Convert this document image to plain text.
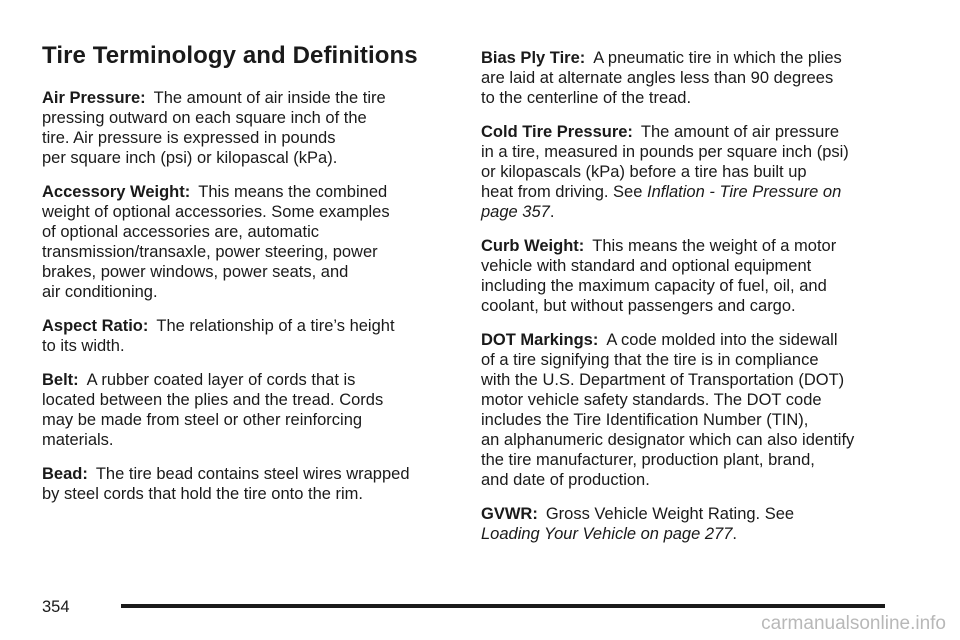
Tire Terminology and Definitions

Air Pressure: The amount of air inside the tire
pressing outward on each square inch of the
tire. Air pressure is expressed in pounds
per square inch (psi) or kilopascal (kPa).

Accessory Weight: This means the combined
weight of optional accessories. Some examples
of optional accessories are, automatic
transmission/transaxle, power steering, power
brakes, power windows, power seats, and
air conditioning.

Aspect Ratio: The relationship of a tire’s height
to its width.

Belt: A rubber coated layer of cords that is
located between the plies and the tread. Cords
may be made from steel or other reinforcing
materials.

Bead: The tire bead contains steel wires wrapped
by steel cords that hold the tire onto the rim.

Bias Ply Tire: A pneumatic tire in which the plies
are laid at alternate angles less than 90 degrees
to the centerline of the tread.

Cold Tire Pressure: The amount of air pressure
in a tire, measured in pounds per square inch (psi)
or kilopascals (kPa) before a tire has built up
heat from driving. See Inflation - Tire Pressure on
page 357.

Curb Weight: This means the weight of a motor
vehicle with standard and optional equipment
including the maximum capacity of fuel, oil, and
coolant, but without passengers and cargo.

DOT Markings: A code molded into the sidewall
of a tire signifying that the tire is in compliance
with the U.S. Department of Transportation (DOT)
motor vehicle safety standards. The DOT code
includes the Tire Identification Number (TIN),
an alphanumeric designator which can also identify
the tire manufacturer, production plant, brand,
and date of production.

GVWR: Gross Vehicle Weight Rating. See
Loading Your Vehicle on page 277.

354
carmanualsonline.info
